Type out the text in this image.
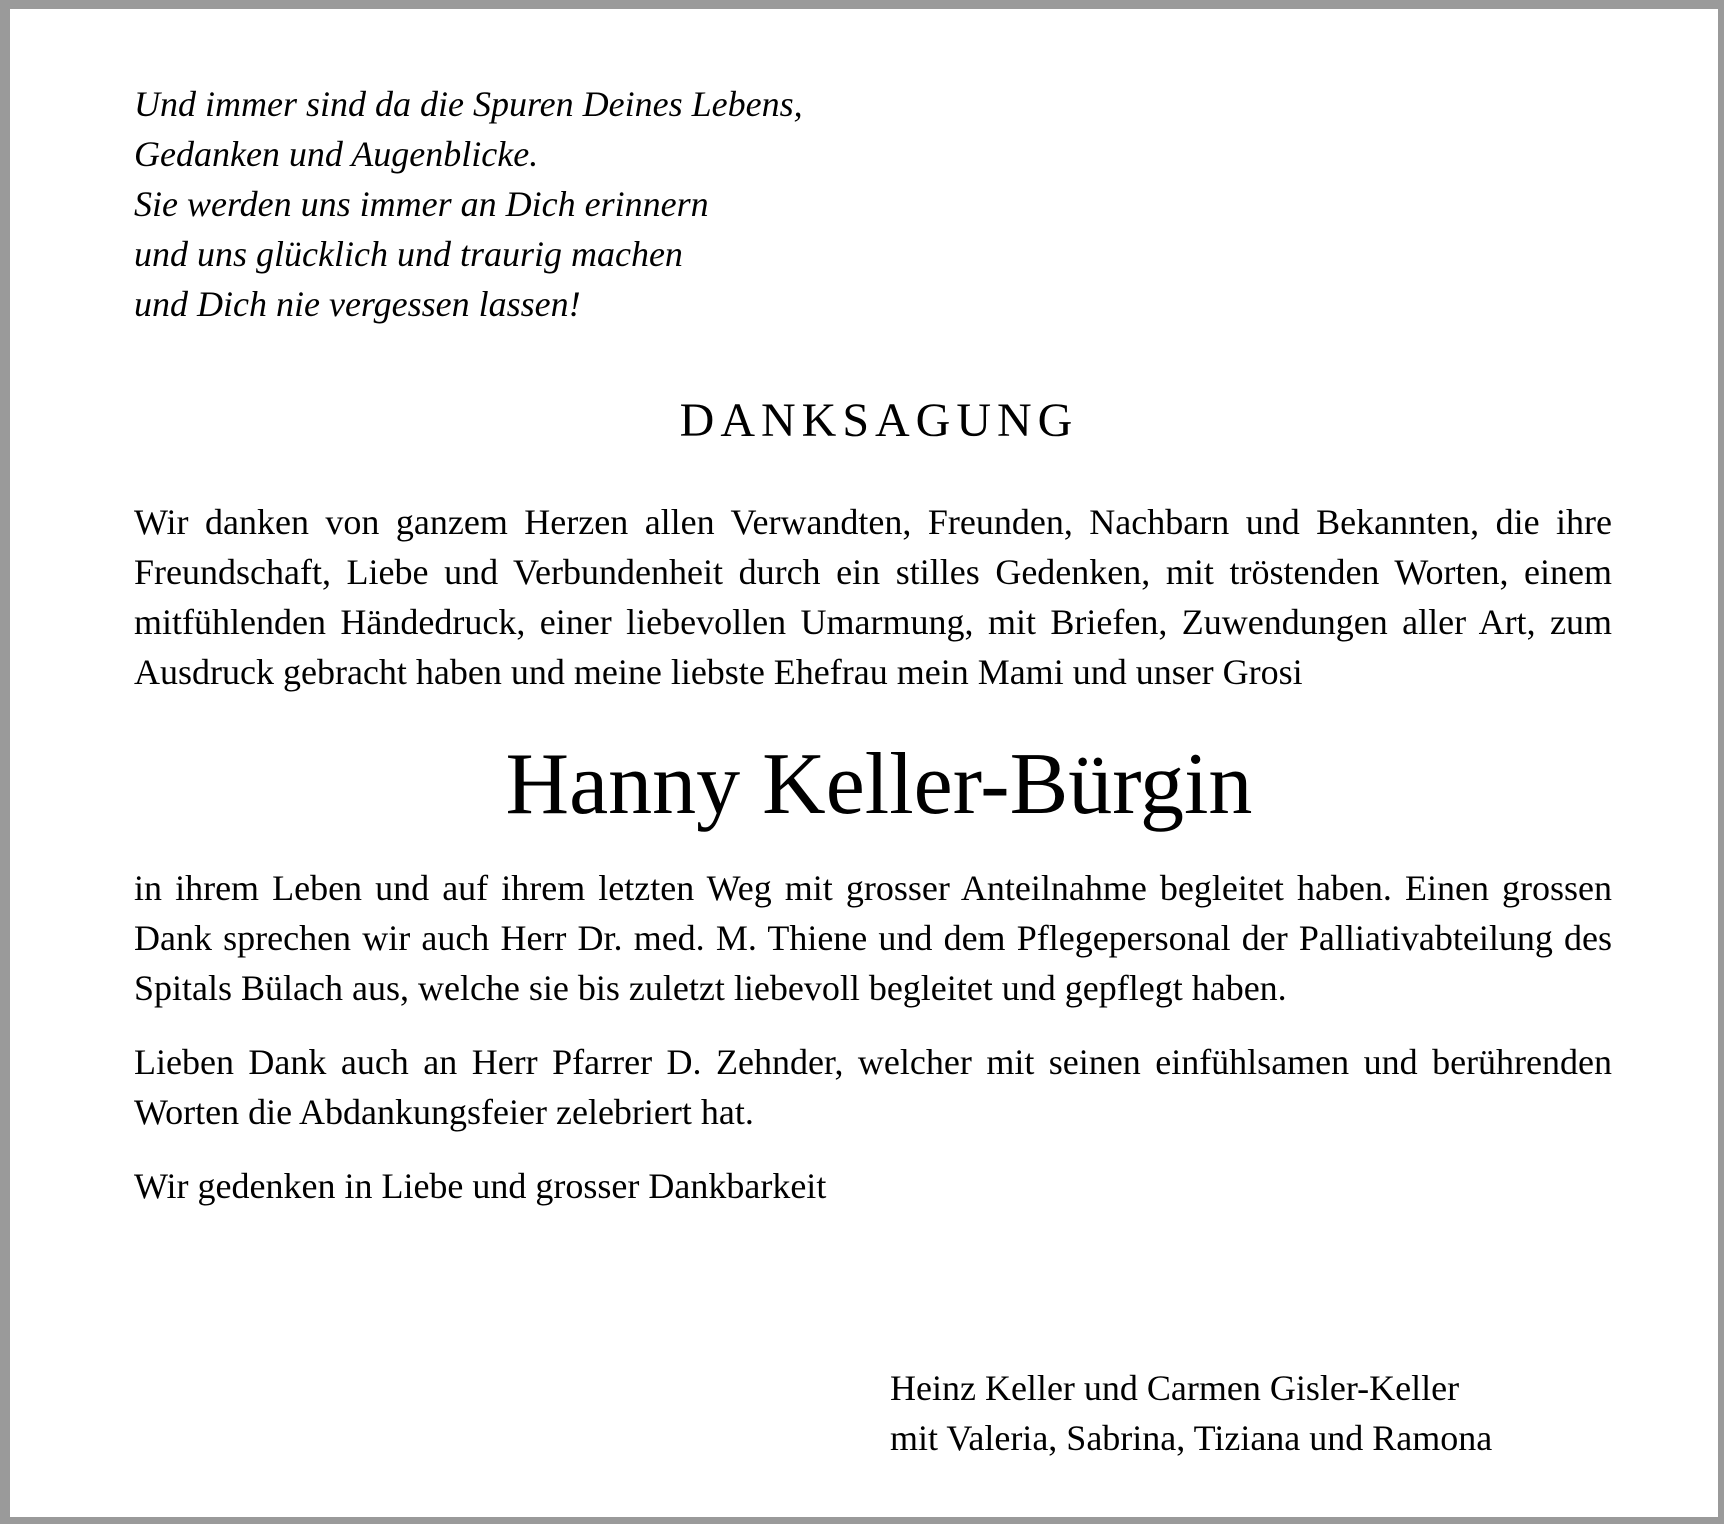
Und immer sind da die Spuren Deines Lebens,
Gedanken und Augenblicke.
Sie werden uns immer an Dich erinnern
und uns glücklich und traurig machen
und Dich nie vergessen lassen!

DANKSAGUNG

Wir danken von ganzem Herzen allen Verwandten, Freunden, Nachbarn und Bekannten, die ihre Freundschaft, Liebe und Verbundenheit durch ein stilles Gedenken, mit tröstenden Worten, einem mitfühlenden Händedruck, einer liebevollen Umarmung, mit Briefen, Zuwendungen aller Art, zum Ausdruck gebracht haben und meine liebste Ehefrau mein Mami und unser Grosi

Hanny Keller-Bürgin

in ihrem Leben und auf ihrem letzten Weg mit grosser Anteilnahme begleitet haben. Einen grossen Dank sprechen wir auch Herr Dr. med. M. Thiene und dem Pflegepersonal der Palliativabteilung des Spitals Bülach aus, welche sie bis zuletzt liebevoll begleitet und gepflegt haben.

Lieben Dank auch an Herr Pfarrer D. Zehnder, welcher mit seinen einfühlsamen und berührenden Worten die Abdankungsfeier zelebriert hat.

Wir gedenken in Liebe und grosser Dankbarkeit

Heinz Keller und Carmen Gisler-Keller
mit Valeria, Sabrina, Tiziana und Ramona
